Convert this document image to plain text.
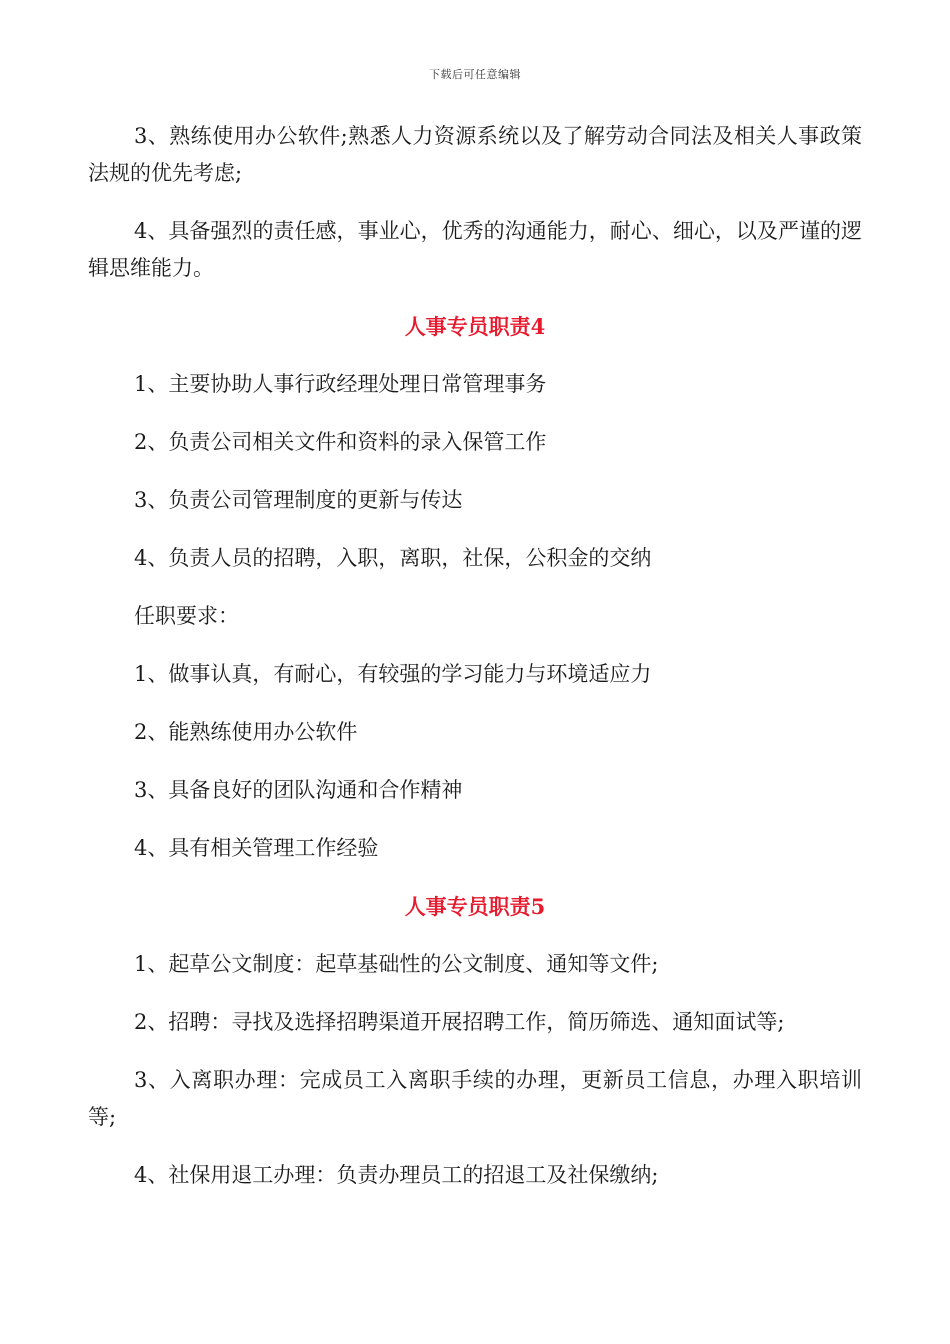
下载后可任意编辑

3、熟练使用办公软件;熟悉人力资源系统以及了解劳动合同法及相关人事政策法规的优先考虑;

4、具备强烈的责任感，事业心，优秀的沟通能力，耐心、细心，以及严谨的逻辑思维能力。

人事专员职责4

1、主要协助人事行政经理处理日常管理事务

2、负责公司相关文件和资料的录入保管工作

3、负责公司管理制度的更新与传达

4、负责人员的招聘，入职，离职，社保，公积金的交纳

任职要求：

1、做事认真，有耐心，有较强的学习能力与环境适应力

2、能熟练使用办公软件

3、具备良好的团队沟通和合作精神

4、具有相关管理工作经验

人事专员职责5

1、起草公文制度：起草基础性的公文制度、通知等文件;

2、招聘：寻找及选择招聘渠道开展招聘工作，简历筛选、通知面试等;

3、入离职办理：完成员工入离职手续的办理，更新员工信息，办理入职培训等;

4、社保用退工办理：负责办理员工的招退工及社保缴纳;
